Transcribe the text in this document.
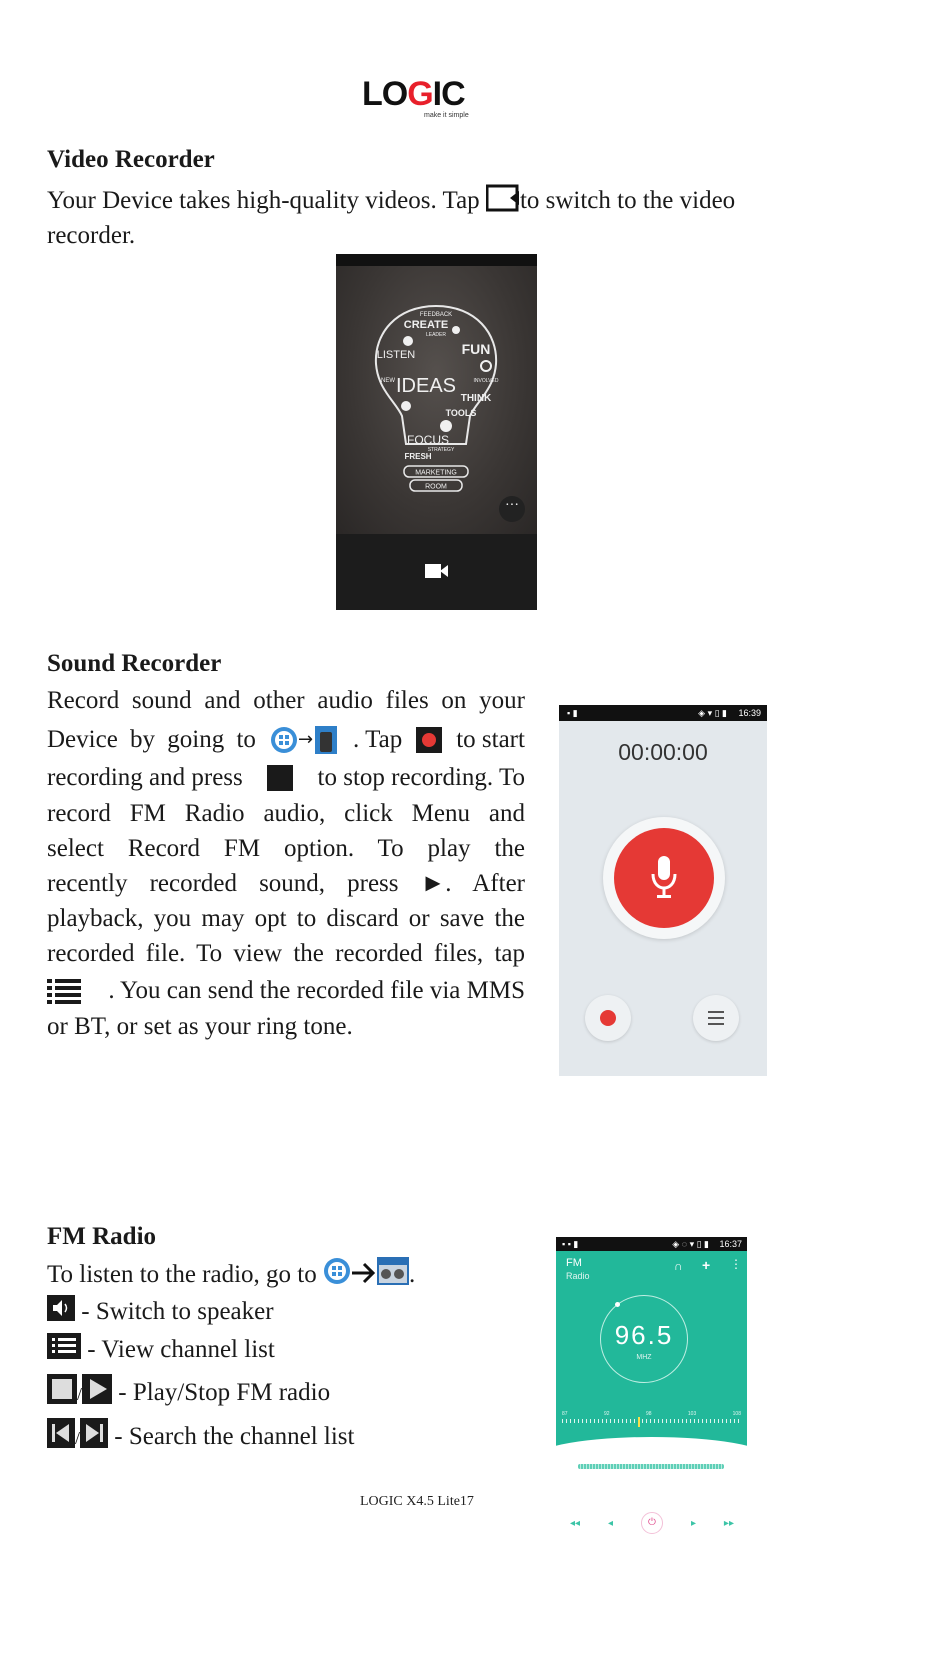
LOGIC
make it simple
Video Recorder
Your Device takes high-quality videos. Tap to switch to the video recorder.
FEEDBACK
CREATE
LEADER
FUN
LISTEN
NEW IDEAS	INVOLVED
THINK
TOOLS
FOCUS
FRESH
STRATEGY
MARKETING
ROOM
···
Sound Recorder
Record sound and other audio files on your
Device by going to → . Tap to start
recording and press	to stop recording. To
record FM Radio audio, click Menu and
select Record FM option. To play the
recently recorded sound, press ►. After
playback, you may opt to discard or save the
recorded file. To view the recorded files, tap
. You can send the recorded file via MMS
or BT, or set as your ring tone.
▪ ▮	◈ ▾ ▯ ▮ 16:39
00:00:00
FM Radio
To listen to the radio, go to	.
- Switch to speaker
- View channel list
/ - Play/Stop FM radio
/ - Search the channel list
▪ ▪ ▮	◈ ◌ ▾ ▯ ▮ 16:37
FM
Radio
∩ + ⋮
96.5
MHZ
87	92	98	103	108
◂◂	◂	⏻	▸	▸▸
LOGIC X4.5 Lite17
